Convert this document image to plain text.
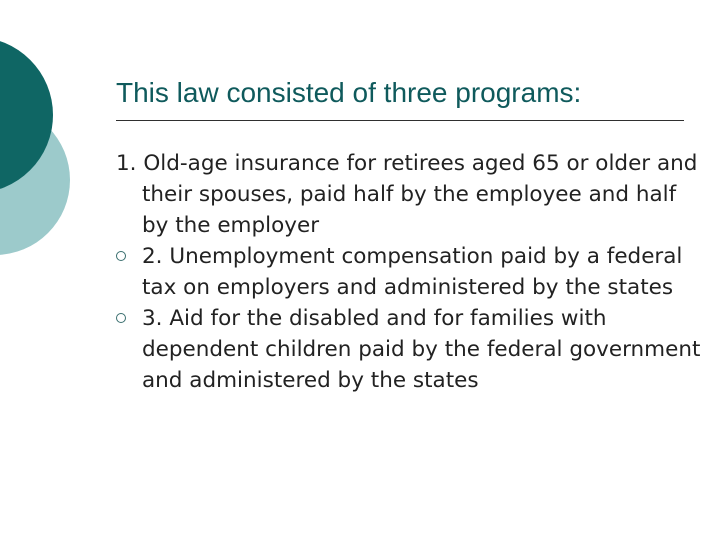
This law consisted of three programs:

1. Old-age insurance for retirees aged 65 or older and their spouses, paid half by the employee and half by the employer

2. Unemployment compensation paid by a federal tax on employers and administered by the states

3. Aid for the disabled and for families with dependent children paid by the federal government and administered by the states
